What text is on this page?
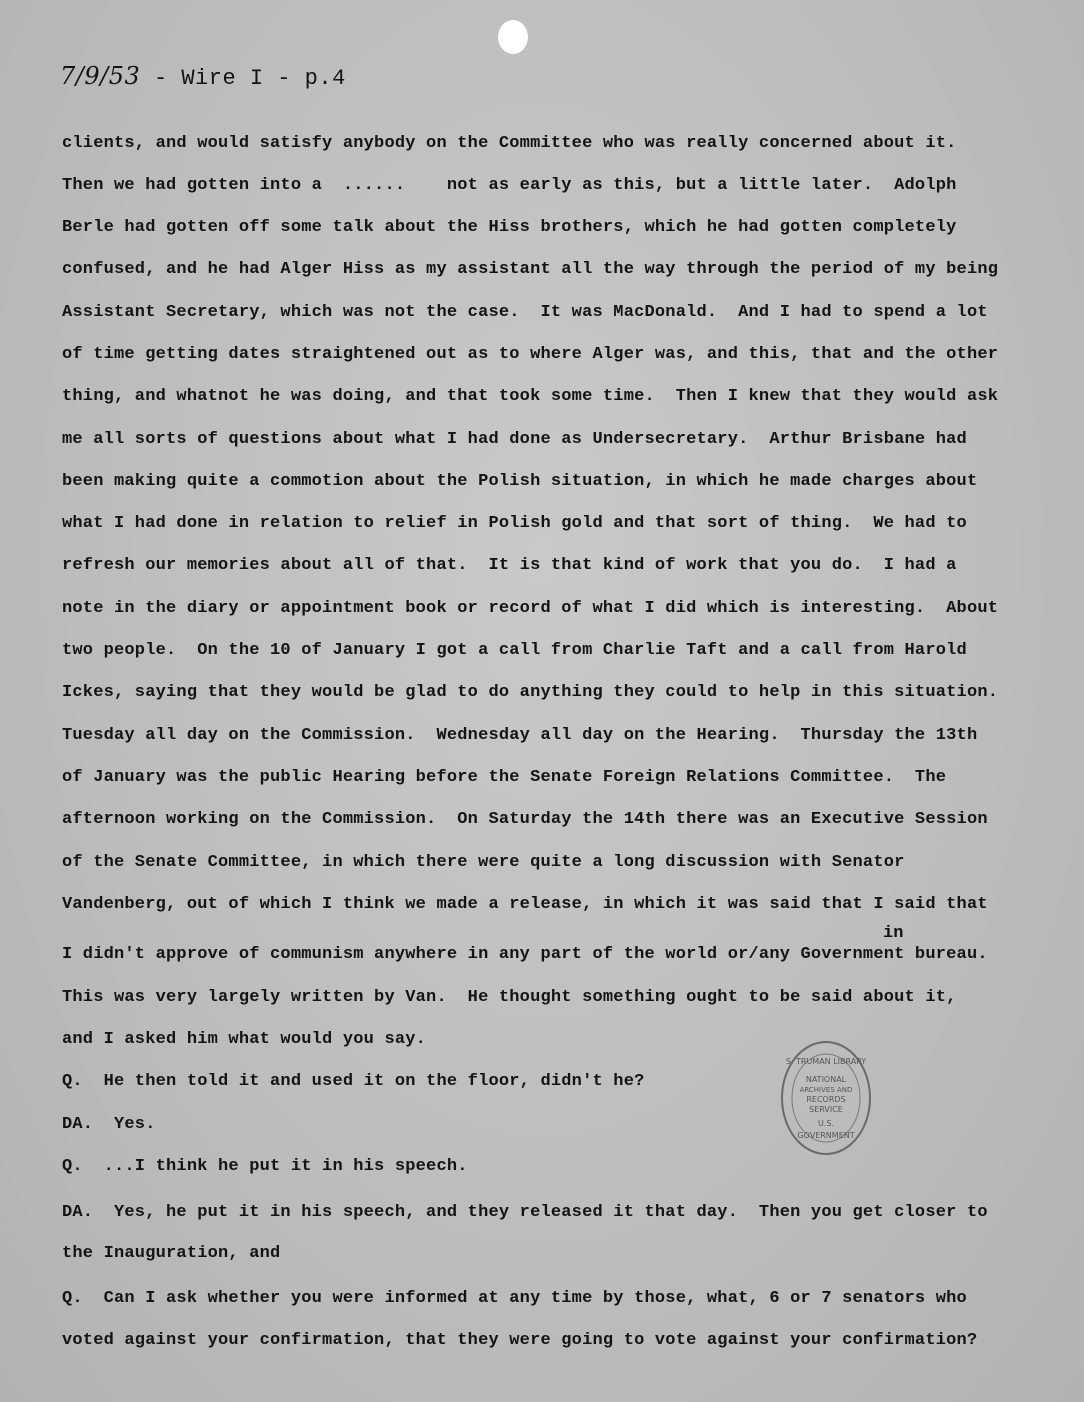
7/9/53 - Wire I - p.4
clients, and would satisfy anybody on the Committee who was really concerned about it.
Then we had gotten into a  ......    not as early as this, but a little later.  Adolph
Berle had gotten off some talk about the Hiss brothers, which he had gotten completely
confused, and he had Alger Hiss as my assistant all the way through the period of my being
Assistant Secretary, which was not the case.  It was MacDonald.  And I had to spend a lot
of time getting dates straightened out as to where Alger was, and this, that and the other
thing, and whatnot he was doing, and that took some time.  Then I knew that they would ask
me all sorts of questions about what I had done as Undersecretary.  Arthur Brisbane had
been making quite a commotion about the Polish situation, in which he made charges about
what I had done in relation to relief in Polish gold and that sort of thing.  We had to
refresh our memories about all of that.  It is that kind of work that you do.  I had a
note in the diary or appointment book or record of what I did which is interesting.  About
two people.  On the 10 of January I got a call from Charlie Taft and a call from Harold
Ickes, saying that they would be glad to do anything they could to help in this situation.
Tuesday all day on the Commission.  Wednesday all day on the Hearing.  Thursday the 13th
of January was the public Hearing before the Senate Foreign Relations Committee.  The
afternoon working on the Commission.  On Saturday the 14th there was an Executive Session
of the Senate Committee, in which there were quite a long discussion with Senator
Vandenberg, out of which I think we made a release, in which it was said that I said that
in
I didn't approve of communism anywhere in any part of the world or/any Government bureau.
This was very largely written by Van.  He thought something ought to be said about it,
and I asked him what would you say.
Q.  He then told it and used it on the floor, didn't he?
DA.  Yes.
Q.  ...I think he put it in his speech.
DA.  Yes, he put it in his speech, and they released it that day.  Then you get closer to
the Inauguration, and
Q.  Can I ask whether you were informed at any time by those, what, 6 or 7 senators who
voted against your confirmation, that they were going to vote against your confirmation?
S. TRUMAN LIBRARY
NATIONAL
ARCHIVES AND
RECORDS
SERVICE
U.S.
GOVERNMENT
